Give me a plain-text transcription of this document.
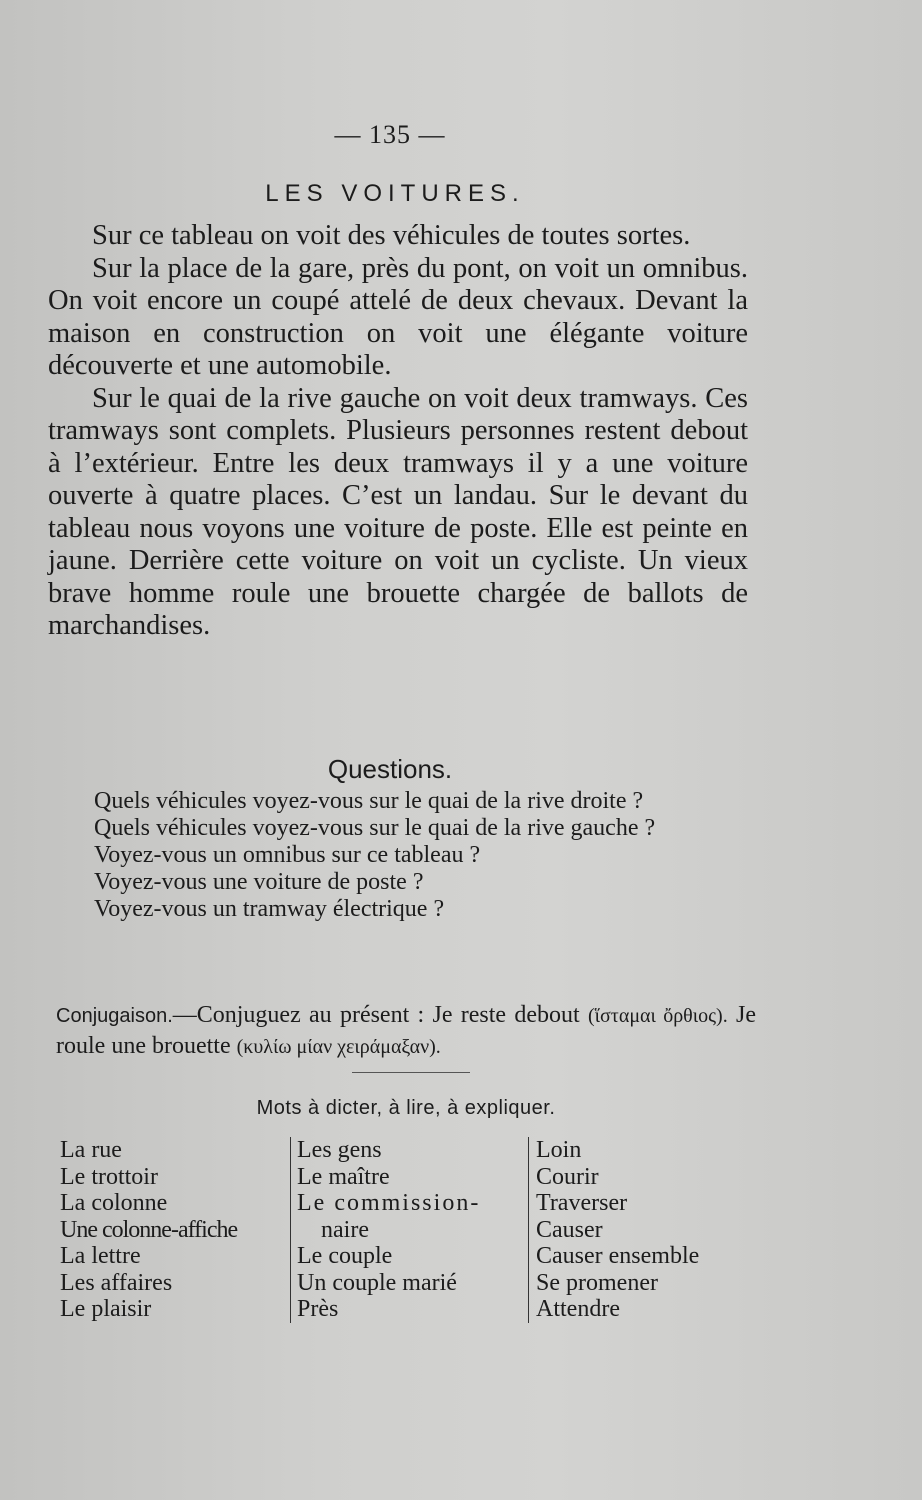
— 135 —
LES VOITURES.

Sur ce tableau on voit des véhicules de toutes sortes.

Sur la place de la gare, près du pont, on voit un omnibus. On voit encore un coupé attelé de deux chevaux. Devant la maison en construction on voit une élégante voiture découverte et une automobile.

Sur le quai de la rive gauche on voit deux tramways. Ces tramways sont complets. Plusieurs personnes restent debout à l’extérieur. Entre les deux tramways il y a une voiture ouverte à quatre places. C’est un landau. Sur le devant du tableau nous voyons une voiture de poste. Elle est peinte en jaune. Derrière cette voiture on voit un cycliste. Un vieux brave homme roule une brouette chargée de ballots de marchandises.

Questions.

Quels véhicules voyez-vous sur le quai de la rive droite ?

Quels véhicules voyez-vous sur le quai de la rive gauche ?

Voyez-vous un omnibus sur ce tableau ?

Voyez-vous une voiture de poste ?

Voyez-vous un tramway électrique ?

Conjugaison.—Conjuguez au présent : Je reste debout (ἵσταμαι ὄρθιος). Je roule une brouette (κυλίω μίαν χειράμαξαν).
Mots à dicter, à lire, à expliquer.
La rue
Le trottoir
La colonne
Une colonne-affiche
La lettre
Les affaires
Le plaisir
Les gens
Le maître
Le commission-
naire
Le couple
Un couple marié
Près
Loin
Courir
Traverser
Causer
Causer ensemble
Se promener
Attendre
